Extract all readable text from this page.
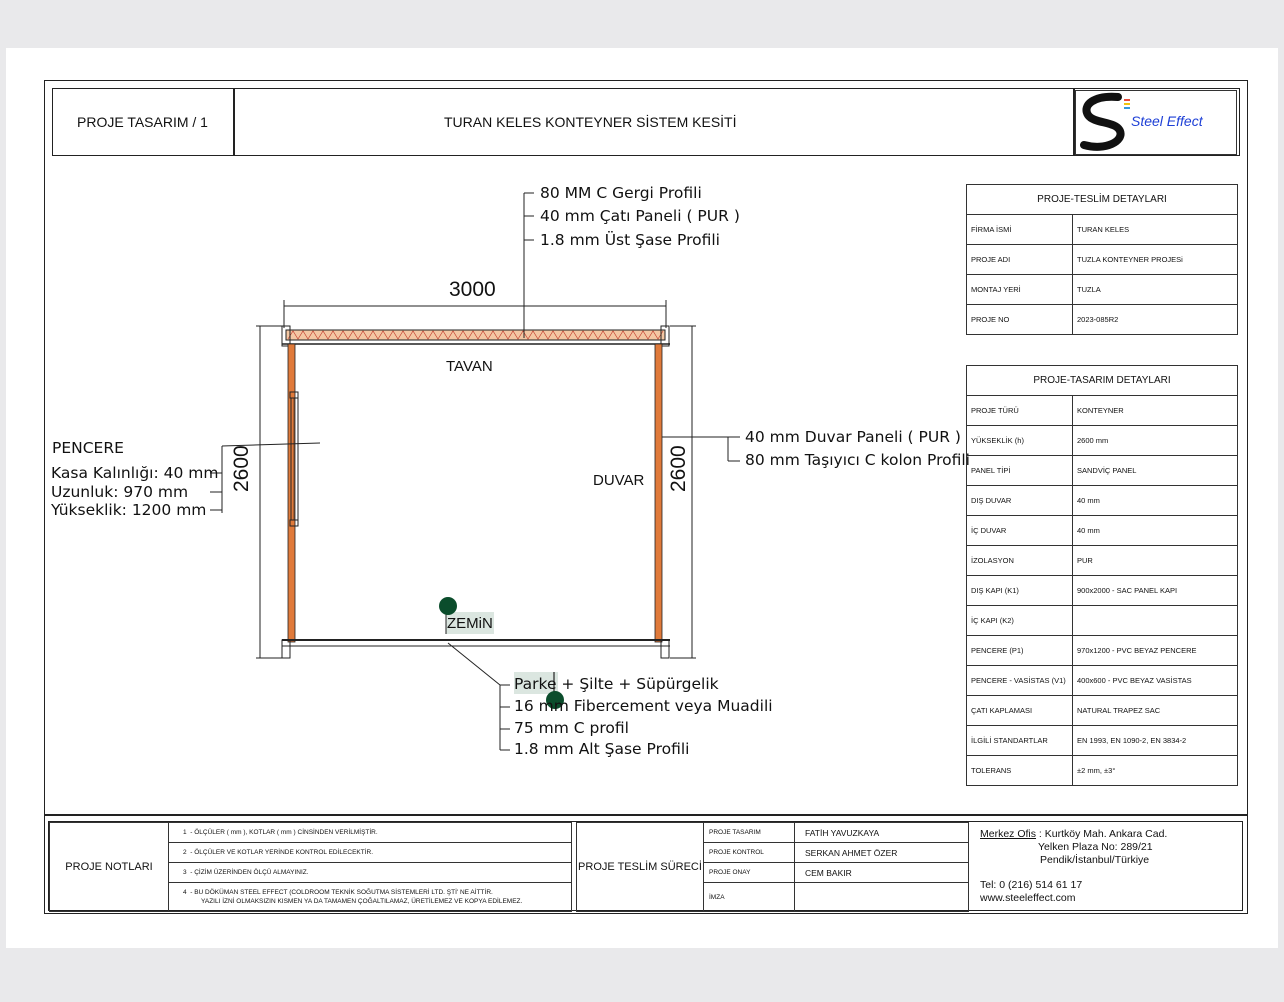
PROJE TASARIM / 1	TURAN KELES KONTEYNER SİSTEM KESİTİ	Steel Effect
3000
2600	2600
TAVAN
DUVAR
ZEMiN
80 MM C Gergi Profili
40 mm Çatı Paneli ( PUR )
1.8 mm Üst Şase Profili
40 mm Duvar Paneli ( PUR )
80 mm Taşıyıcı C kolon Profili
PENCERE
Kasa Kalınlığı: 40 mm
Uzunluk: 970 mm
Yükseklik: 1200 mm
Parke + Şilte + Süpürgelik
16 mm Fibercement veya Muadili
75 mm C profil
1.8 mm Alt Şase Profili
PROJE-TESLİM DETAYLARI	
FİRMA İSMİ	TURAN KELES
PROJE ADI	TUZLA KONTEYNER PROJESi
MONTAJ YERİ	TUZLA
PROJE NO	2023-085R2
PROJE-TASARIM DETAYLARI	
PROJE TÜRÜ	KONTEYNER
YÜKSEKLİK (h)	2600 mm
PANEL TİPİ	SANDVİÇ PANEL
DIŞ DUVAR	40 mm
İÇ DUVAR	40 mm
İZOLASYON	PUR
DIŞ KAPI (K1)	900x2000 - SAC PANEL KAPI
İÇ KAPI (K2)	
PENCERE (P1)	970x1200 - PVC BEYAZ PENCERE
PENCERE - VASİSTAS (V1)	400x600 - PVC BEYAZ VASİSTAS
ÇATI KAPLAMASI	NATURAL TRAPEZ SAC
İLGİLİ STANDARTLAR	EN 1993, EN 1090-2, EN 3834-2
TOLERANS	±2 mm, ±3°
PROJE NOTLARI	1  - ÖLÇÜLER ( mm ), KOTLAR ( mm ) CİNSİNDEN VERİLMİŞTİR.
2  - ÖLÇÜLER VE KOTLAR YERİNDE KONTROL EDİLECEKTİR.
3  - ÇİZİM ÜZERİNDEN ÖLÇÜ ALMAYINIZ.
4  - BU DÖKÜMAN STEEL EFFECT (COLDROOM TEKNİK SOĞUTMA SİSTEMLERİ LTD. ŞTİ' NE AİTTİR.
YAZILI İZNİ OLMAKSIZIN KISMEN YA DA TAMAMEN ÇOĞALTILAMAZ, ÜRETİLEMEZ VE KOPYA EDİLEMEZ.
PROJE TESLİM SÜRECİ	PROJE TASARIM	FATİH YAVUZKAYA
	PROJE KONTROL	SERKAN AHMET ÖZER
	PROJE ONAY	CEM BAKIR
	İMZA	
Merkez Ofis : Kurtköy Mah. Ankara Cad.
Yelken Plaza No: 289/21
Pendik/İstanbul/Türkiye
Tel: 0 (216) 514 61 17
www.steeleffect.com
